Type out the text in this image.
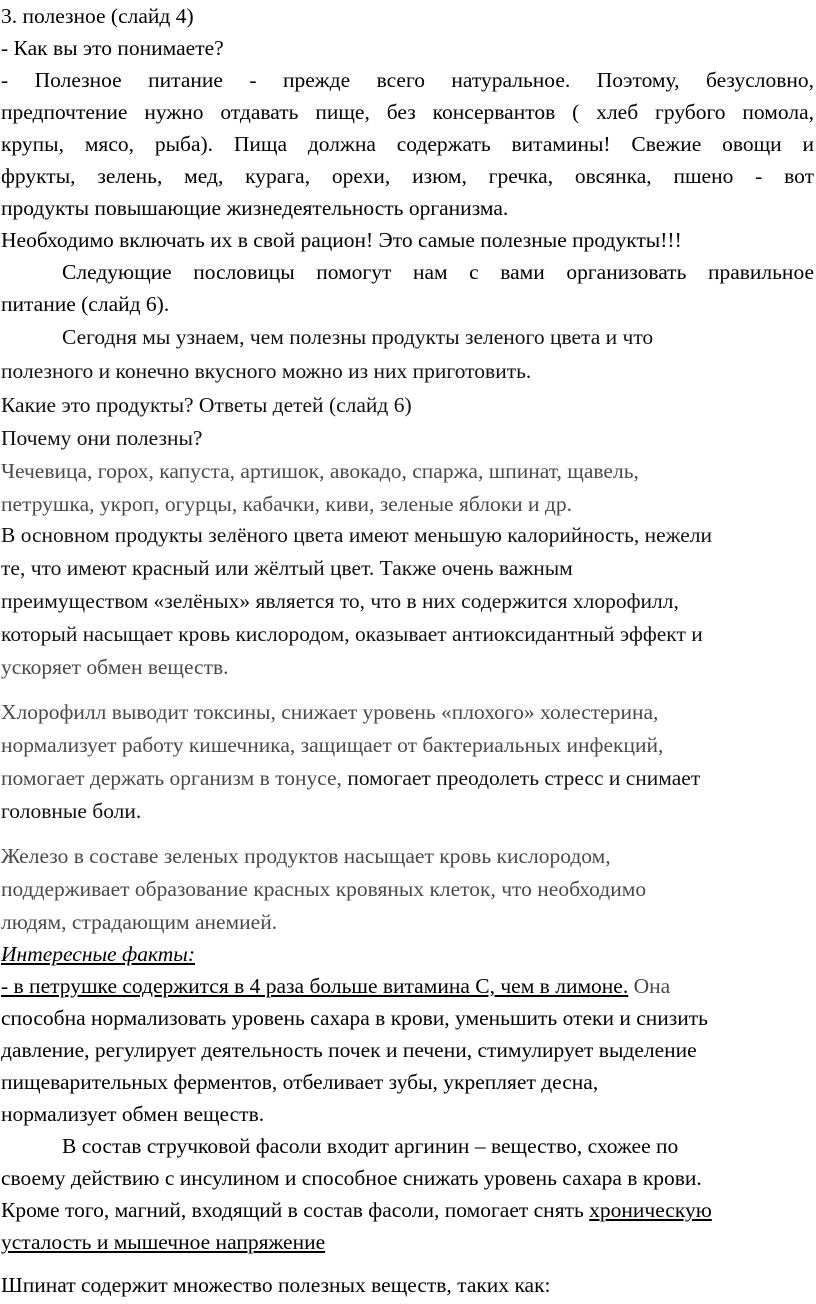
3. полезное (слайд 4)
- Как вы это понимаете?
- Полезное питание - прежде всего натуральное. Поэтому, безусловно,
предпочтение нужно отдавать пище, без консервантов ( хлеб грубого помола,
крупы, мясо, рыба). Пища должна содержать витамины! Свежие овощи и
фрукты, зелень, мед, курага, орехи, изюм, гречка, овсянка, пшено - вот
продукты повышающие жизнедеятельность организма.
Необходимо включать их в свой рацион! Это самые полезные продукты!!!
Следующие пословицы помогут нам с вами организовать правильное
питание (слайд 6).
Сегодня мы узнаем, чем полезны продукты зеленого цвета и что
полезного и конечно вкусного можно из них приготовить.
Какие это продукты? Ответы детей (слайд 6)
Почему они полезны?
Чечевица, горох, капуста, артишок, авокадо, спаржа, шпинат, щавель,
петрушка, укроп, огурцы, кабачки, киви, зеленые яблоки и др.
В основном продукты зелёного цвета имеют меньшую калорийность, нежели
те, что имеют красный или жёлтый цвет. Также очень важным
преимуществом «зелёных» является то, что в них содержится хлорофилл,
который насыщает кровь кислородом, оказывает антиоксидантный эффект и
ускоряет обмен веществ.
Хлорофилл выводит токсины, снижает уровень «плохого» холестерина,
нормализует работу кишечника, защищает от бактериальных инфекций,
помогает держать организм в тонусе, помогает преодолеть стресс и снимает
головные боли.
Железо в составе зеленых продуктов насыщает кровь кислородом,
поддерживает образование красных кровяных клеток, что необходимо
людям, страдающим анемией.
Интересные факты:
- в петрушке содержится в 4 раза больше витамина С, чем в лимоне. Она
способна нормализовать уровень сахара в крови, уменьшить отеки и снизить
давление, регулирует деятельность почек и печени, стимулирует выделение
пищеварительных ферментов, отбеливает зубы, укрепляет десна,
нормализует обмен веществ.
В состав стручковой фасоли входит аргинин – вещество, схожее по
своему действию с инсулином и способное снижать уровень сахара в крови.
Кроме того, магний, входящий в состав фасоли, помогает снять хроническую
усталость и мышечное напряжение
Шпинат содержит множество полезных веществ, таких как:
